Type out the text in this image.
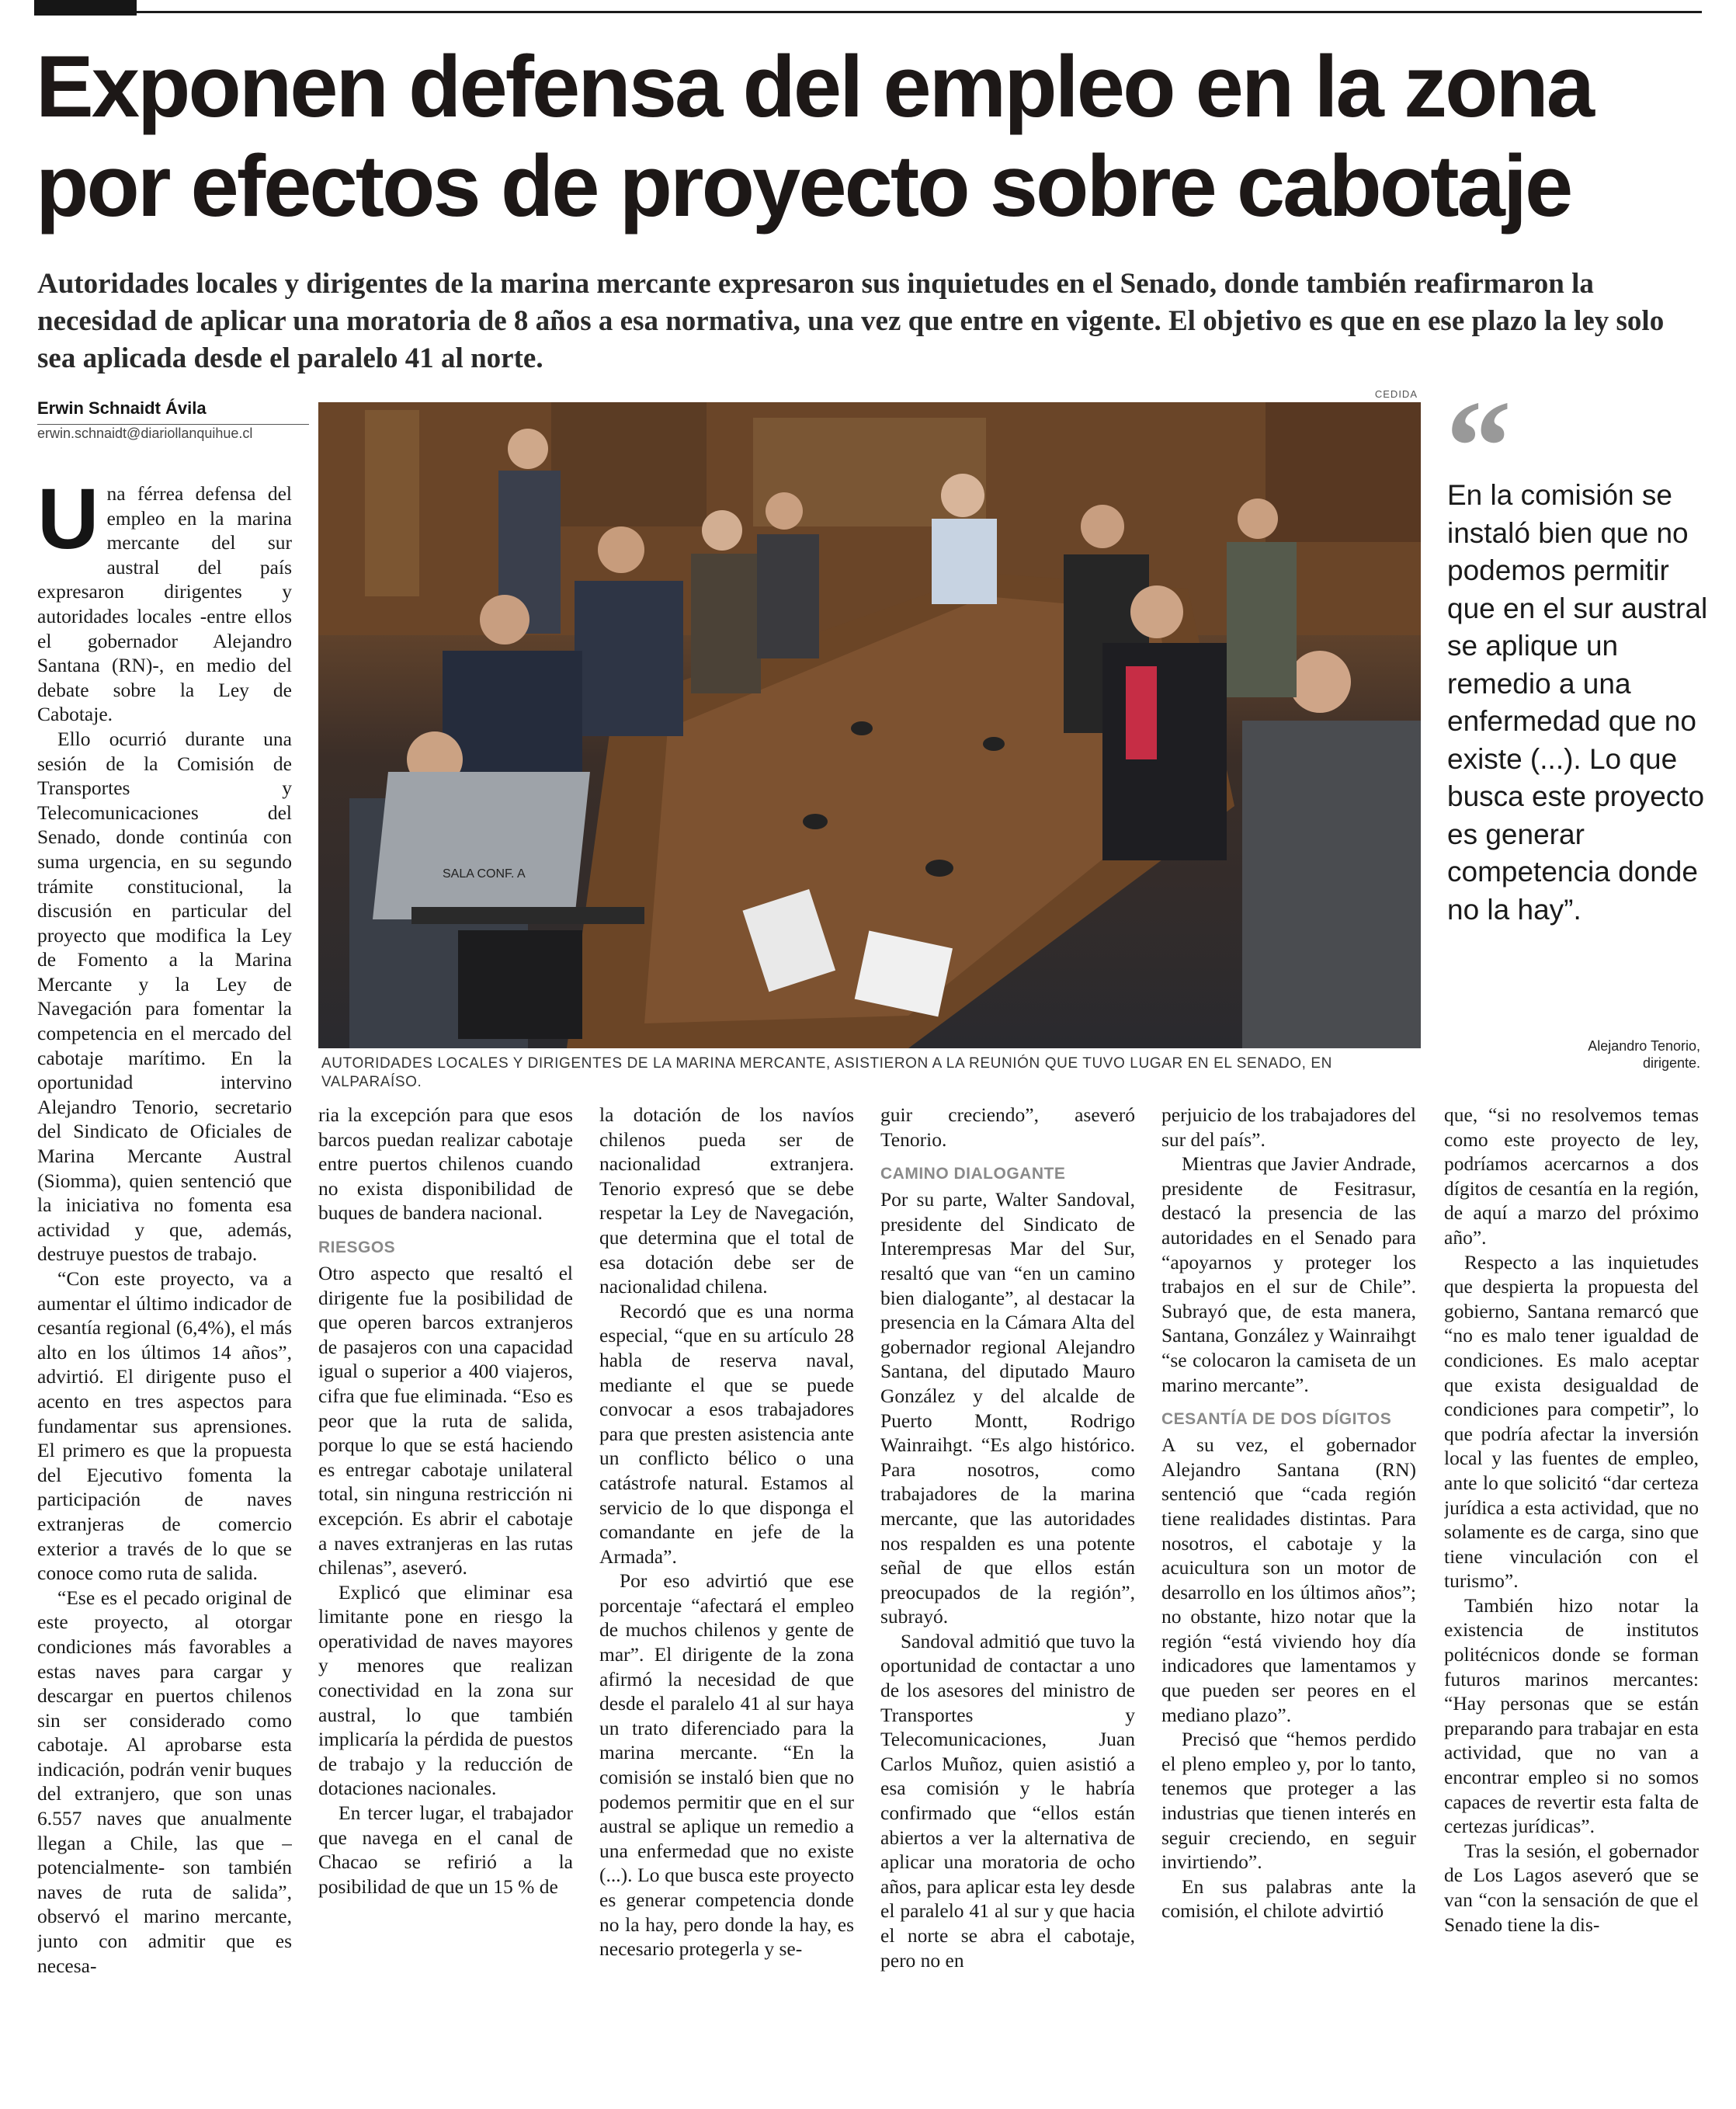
Exponen defensa del empleo en la zona por efectos de proyecto sobre cabotaje

Autoridades locales y dirigentes de la marina mercante expresaron sus inquietudes en el Senado, donde también reafirmaron la necesidad de aplicar una moratoria de 8 años a esa normativa, una vez que entre en vigente. El objetivo es que en ese plazo la ley solo sea aplicada desde el paralelo 41 al norte.

Erwin Schnaidt Ávila
erwin.schnaidt@diariollanquihue.cl
CEDIDA
SALA CONF. A
AUTORIDADES LOCALES Y DIRIGENTES DE LA MARINA MERCANTE, ASISTIERON A LA REUNIÓN QUE TUVO LUGAR EN EL SENADO, EN VALPARAÍSO.
“
En la comisión se instaló bien que no podemos permitir que en el sur austral se aplique un remedio a una enfermedad que no existe (...). Lo que busca este proyecto es generar competencia donde no la hay”.
Alejandro Tenorio,
dirigente.

Una férrea defensa del empleo en la marina mercante del sur austral del país expresaron dirigentes y autoridades locales -entre ellos el gobernador Alejandro Santana (RN)-, en medio del debate sobre la Ley de Cabotaje.

Ello ocurrió durante una sesión de la Comisión de Transportes y Telecomunicaciones del Senado, donde continúa con suma urgencia, en su segundo trámite constitucional, la discusión en particular del proyecto que modifica la Ley de Fomento a la Marina Mercante y la Ley de Navegación para fomentar la competencia en el mercado del cabotaje marítimo. En la oportunidad intervino Alejandro Tenorio, secretario del Sindicato de Oficiales de Marina Mercante Austral (Siomma), quien sentenció que la iniciativa no fomenta esa actividad y que, además, destruye puestos de trabajo.

“Con este proyecto, va a aumentar el último indicador de cesantía regional (6,4%), el más alto en los últimos 14 años”, advirtió. El dirigente puso el acento en tres aspectos para fundamentar sus aprensiones. El primero es que la propuesta del Ejecutivo fomenta la participación de naves extranjeras de comercio exterior a través de lo que se conoce como ruta de salida.

“Ese es el pecado original de este proyecto, al otorgar condiciones más favorables a estas naves para cargar y descargar en puertos chilenos sin ser considerado como cabotaje. Al aprobarse esta indicación, podrán venir buques del extranjero, que son unas 6.557 naves que anualmente llegan a Chile, las que –potencialmente- son también naves de ruta de salida”, observó el marino mercante, junto con admitir que es necesa-

ria la excepción para que esos barcos puedan realizar cabotaje entre puertos chilenos cuando no exista disponibilidad de buques de bandera nacional.

RIESGOS

Otro aspecto que resaltó el dirigente fue la posibilidad de que operen barcos extranjeros de pasajeros con una capacidad igual o superior a 400 viajeros, cifra que fue eliminada. “Eso es peor que la ruta de salida, porque lo que se está haciendo es entregar cabotaje unilateral total, sin ninguna restricción ni excepción. Es abrir el cabotaje a naves extranjeras en las rutas chilenas”, aseveró.

Explicó que eliminar esa limitante pone en riesgo la operatividad de naves mayores y menores que realizan conectividad en la zona sur austral, lo que también implicaría la pérdida de puestos de trabajo y la reducción de dotaciones nacionales.

En tercer lugar, el trabajador que navega en el canal de Chacao se refirió a la posibilidad de que un 15 % de

la dotación de los navíos chilenos pueda ser de nacionalidad extranjera. Tenorio expresó que se debe respetar la Ley de Navegación, que determina que el total de esa dotación debe ser de nacionalidad chilena.

Recordó que es una norma especial, “que en su artículo 28 habla de reserva naval, mediante el que se puede convocar a esos trabajadores para que presten asistencia ante un conflicto bélico o una catástrofe natural. Estamos al servicio de lo que disponga el comandante en jefe de la Armada”.

Por eso advirtió que ese porcentaje “afectará el empleo de muchos chilenos y gente de mar”. El dirigente de la zona afirmó la necesidad de que desde el paralelo 41 al sur haya un trato diferenciado para la marina mercante. “En la comisión se instaló bien que no podemos permitir que en el sur austral se aplique un remedio a una enfermedad que no existe (...). Lo que busca este proyecto es generar competencia donde no la hay, pero donde la hay, es necesario protegerla y se-

guir creciendo”, aseveró Tenorio.

CAMINO DIALOGANTE

Por su parte, Walter Sandoval, presidente del Sindicato de Interempresas Mar del Sur, resaltó que van “en un camino bien dialogante”, al destacar la presencia en la Cámara Alta del gobernador regional Alejandro Santana, del diputado Mauro González y del alcalde de Puerto Montt, Rodrigo Wainraihgt. “Es algo histórico. Para nosotros, como trabajadores de la marina mercante, que las autoridades nos respalden es una potente señal de que ellos están preocupados de la región”, subrayó.

Sandoval admitió que tuvo la oportunidad de contactar a uno de los asesores del ministro de Transportes y Telecomunicaciones, Juan Carlos Muñoz, quien asistió a esa comisión y le habría confirmado que “ellos están abiertos a ver la alternativa de aplicar una moratoria de ocho años, para aplicar esta ley desde el paralelo 41 al sur y que hacia el norte se abra el cabotaje, pero no en

perjuicio de los trabajadores del sur del país”.

Mientras que Javier Andrade, presidente de Fesitrasur, destacó la presencia de las autoridades en el Senado para “apoyarnos y proteger los trabajos en el sur de Chile”. Subrayó que, de esta manera, Santana, González y Wainraihgt “se colocaron la camiseta de un marino mercante”.

CESANTÍA DE DOS DÍGITOS

A su vez, el gobernador Alejandro Santana (RN) sentenció que “cada región tiene realidades distintas. Para nosotros, el cabotaje y la acuicultura son un motor de desarrollo en los últimos años”; no obstante, hizo notar que la región “está viviendo hoy día indicadores que lamentamos y que pueden ser peores en el mediano plazo”.

Precisó que “hemos perdido el pleno empleo y, por lo tanto, tenemos que proteger a las industrias que tienen interés en seguir creciendo, en seguir invirtiendo”.

En sus palabras ante la comisión, el chilote advirtió

que, “si no resolvemos temas como este proyecto de ley, podríamos acercarnos a dos dígitos de cesantía en la región, de aquí a marzo del próximo año”.

Respecto a las inquietudes que despierta la propuesta del gobierno, Santana remarcó que “no es malo tener igualdad de condiciones. Es malo aceptar que exista desigualdad de condiciones para competir”, lo que podría afectar la inversión local y las fuentes de empleo, ante lo que solicitó “dar certeza jurídica a esta actividad, que no solamente es de carga, sino que tiene vinculación con el turismo”.

También hizo notar la existencia de institutos politécnicos donde se forman futuros marinos mercantes: “Hay personas que se están preparando para trabajar en esta actividad, que no van a encontrar empleo si no somos capaces de revertir esta falta de certezas jurídicas”.

Tras la sesión, el gobernador de Los Lagos aseveró que se van “con la sensación de que el Senado tiene la dis-
